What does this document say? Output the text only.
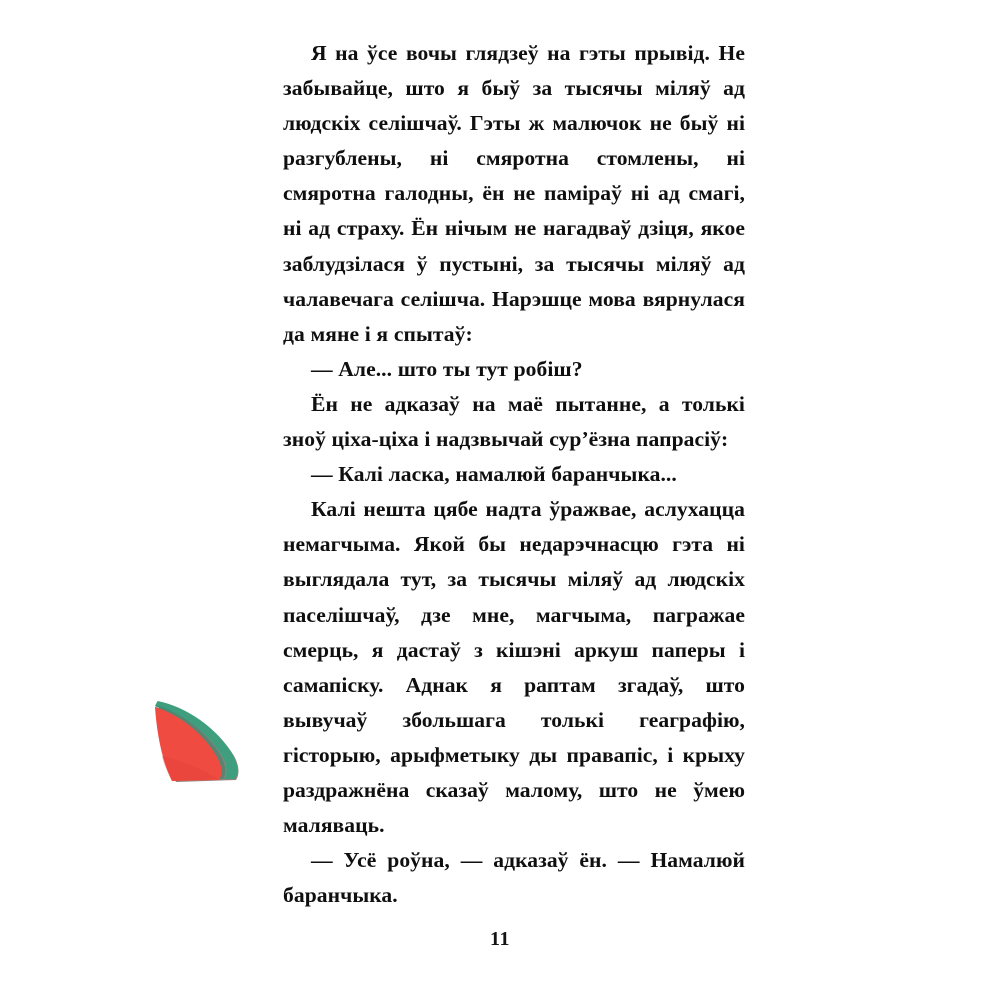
Я на ўсе вочы глядзеў на гэты прывід. Не забывайце, што я быў за тысячы міляў ад людскіх селішчаў. Гэты ж малючок не быў ні разгублены, ні смяротна стомлены, ні смяротна галодны, ён не паміраў ні ад смагі, ні ад страху. Ён нічым не нагадваў дзіця, якое заблудзілася ў пустыні, за тысячы міляў ад чалавечага селішча. Нарэшце мова вярнулася да мяне і я спытаў:

— Але... што ты тут робіш?

Ён не адказаў на маё пытанне, а толькі зноў ціха-ціха і надзвычай сур’ёзна папрасіў:

— Калі ласка, намалюй баранчыка...

Калі нешта цябе надта ўражвае, аслухацца немагчыма. Якой бы недарэчнасцю гэта ні выглядала тут, за тысячы міляў ад людскіх паселішчаў, дзе мне, магчыма, пагражае смерць, я дастаў з кішэні аркуш паперы і самапіску. Аднак я раптам згадаў, што вывучаў збольшага толькі геаграфію, гісторыю, арыфметыку ды правапіс, і крыху раздражнёна сказаў малому, што не ўмею маляваць.

— Усё роўна, — адказаў ён. — Намалюй баранчыка.

11
